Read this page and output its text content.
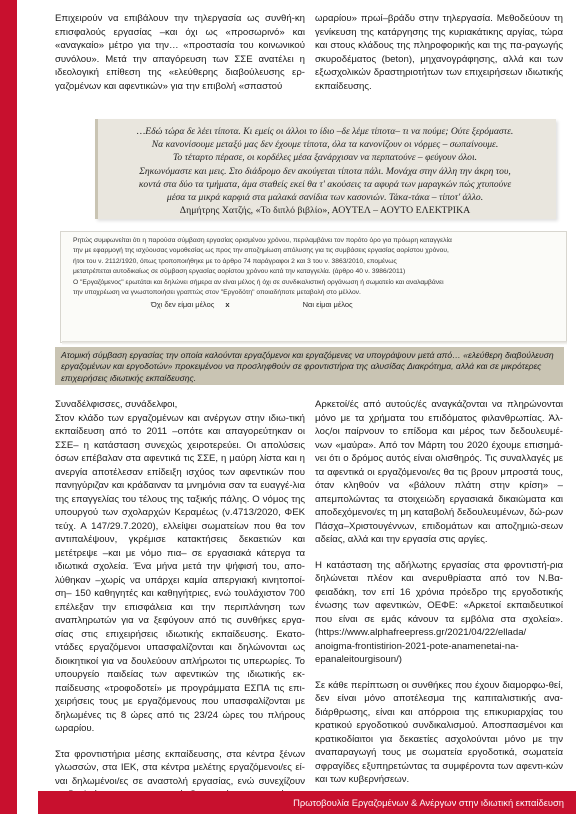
Επιχειρούν να επιβάλουν την τηλεργασία ως συνθή-κη επισφαλούς εργασίας –και όχι ως «προσωρινό» και «αναγκαίο» μέτρο για την… «προστασία του κοινωνικού συνόλου». Μετά την απαγόρευση των ΣΣΕ ανατέλει η ιδεολογική επίθεση της «ελεύθερης διαβούλευσης ερ-γαζομένων και αφεντικών» για την επιβολή «σπαστού

ωραρίου» πρωί–βράδυ στην τηλεργασία. Μεθοδεύουν τη γενίκευση της κατάργησης της κυριακάτικης αργίας, τώρα και στους κλάδους της πληροφορικής και της πα-ραγωγής σκυροδέματος (beton), μηχανογράφησης, αλλά και των εξωσχολικών δραστηριοτήτων των επιχειρήσεων ιδιωτικής εκπαίδευσης.

…Εδώ τώρα δε λέει τίποτα. Κι εμείς οι άλλοι το ίδιο –δε λέμε τίποτα– τι να πούμε; Ούτε ξερόμαστε.
Να κανονίσουμε μεταξύ μας δεν έχουμε τίποτα, όλα τα κανονίζουν οι νόρμες – σωπαίνουμε.
Το τέταρτο πέρασε, οι κορδέλες μέσα ξανάρχισαν να περπατούνε – φεύγουν όλοι.
Σηκωνόμαστε και μεις. Στο διάδρομο δεν ακούγεται τίποτα πάλι. Μονάχα στην άλλη την άκρη του,
κοντά στα δύο τα τμήματα, άμα σταθείς εκεί θα τ' ακούσεις τα αφυρά των μαραγκών πώς χτυπούνε
μέσα τα μικρά καρφιά στα μαλακά σανίδια των κασονιών. Τάκα-τάκα – τίποτ' άλλο.
Δημήτρης Χατζής, «Το διπλό βιβλίο», ΑΟΥΤΕΛ – ΑΟΥΤΟ ΕΛΕΚΤΡΙΚΑ

Ρητώς συμφωνείται ότι η παρούσα σύμβαση εργασίας ορισμένου χρόνου, περιλαμβάνει τον πορότο όρο για πρόωρη καταγγελία

την με εφαρμογή της ισχύουσας νομοθεσίας ως προς την αποζημίωση απόλυσης για τις συμβάσεις εργασίας αορίστου χρόνου,

ήτοι του ν. 2112/1920, όπως τροποποιήθηκε με το άρθρο 74 παράγραφοι 2 και 3 του ν. 3863/2010, επομένως

μετατρέπεται αυτοδικαίως σε σύμβαση εργασίας αορίστου χρόνου κατά την καταγγελία. (άρθρο 40 ν. 3986/2011)

Ο "Εργαζόμενος" ερωτάται και δηλώνει σήμερα αν είναι μέλος ή όχι σε συνδικαλιστική οργάνωση ή σωματείο και αναλαμβάνει

την υποχρέωση να γνωστοποιήσει γραπτώς στον "Εργοδότη" οποιαδήποτε μεταβολή στο μέλλον.

Όχι δεν είμαι μέλος x	Ναι είμαι μέλος
Ατομική σύμβαση εργασίας την οποία καλούνται εργαζόμενοι και εργαζόμενες να υπογράψουν μετά από… «ελεύθερη διαβούλευση εργαζομένων και εργοδοτών» προκειμένου να προσληφθούν σε φροντιστήρια της αλυσίδας Διακρότημα, αλλά και σε μικρότερες επιχειρήσεις ιδιωτικής εκπαίδευσης.

Συναδέλφισσες, συνάδελφοι,

Στον κλάδο των εργαζομένων και ανέργων στην ιδιω-τική εκπαίδευση από το 2011 –οπότε και απαγορεύτηκαν οι ΣΣΕ– η κατάσταση συνεχώς χειροτερεύει. Οι απολύσεις όσων επέβαλαν στα αφεντικά τις ΣΣΕ, η μαύρη λίστα και η ανεργία αποτέλεσαν επίδειξη ισχύος των αφεντικών που πανηγύριζαν και κράδαιναν τα μνημόνια σαν τα ευαγγέ-λια της επαγγελίας του τέλους της ταξικής πάλης. Ο νόμος της υπουργού των σχολαρχών Κεραμέως (ν.4713/2020, ΦΕΚ τεύχ. Α 147/29.7.2020), ελλείψει σωματείων που θα τον αντιπαλέψουν, γκρέμισε κατακτήσεις δεκαετιών και μετέτρεψε –και με νόμο πια– σε εργασιακά κάτεργα τα ιδιωτικά σχολεία. Ένα μήνα μετά την ψήφισή του, απο-λύθηκαν –χωρίς να υπάρχει καμία απεργιακή κινητοποί-ση– 150 καθηγητές και καθηγήτριες, ενώ τουλάχιστον 700 επέλεξαν την επισφάλεια και την περιπλάνηση των αναπληρωτών για να ξεφύγουν από τις συνθήκες εργα-σίας στις επιχειρήσεις ιδιωτικής εκπαίδευσης. Εκατο-ντάδες εργαζόμενοι υπασφαλίζονται και δηλώνονται ως διοικητικοί για να δουλεύουν απλήρωτοι τις υπερωρίες. Το υπουργείο παιδείας των αφεντικών της ιδιωτικής εκ-παίδευσης «τροφοδοτεί» με προγράμματα ΕΣΠΑ τις επι-χειρήσεις τους με εργαζόμενους που υπασφαλίζονται με δηλωμένες τις 8 ώρες από τις 23/24 ώρες του πλήρους ωραρίου.

Στα φροντιστήρια μέσης εκπαίδευσης, στα κέντρα ξένων γλωσσών, στα ΙΕΚ, στα κέντρα μελέτης εργαζόμενοι/ες εί-ναι δηλωμένοι/ες σε αναστολή εργασίας, ενώ συνεχίζουν

Αρκετοί/ές από αυτούς/ές αναγκάζονται να πληρώνονται μόνο με τα χρήματα του επιδόματος φιλανθρωπίας. Άλ-λος/οι παίρνουν το επίδομα και μέρος των δεδουλευμέ-νων «μαύρα». Από τον Μάρτη του 2020 έχουμε επισημά-νει ότι ο δρόμος αυτός είναι ολισθηρός. Τις συναλλαγές με τα αφεντικά οι εργαζόμενοι/ες θα τις βρουν μπροστά τους, όταν κληθούν να «βάλουν πλάτη στην κρίση» – απεμπολώντας τα στοιχειώδη εργασιακά δικαιώματα και αποδεχόμενοι/ες τη μη καταβολή δεδουλευμένων, δώ-ρων Πάσχα–Χριστουγέννων, επιδομάτων και αποζημιώ-σεων αδείας, αλλά και την εργασία στις αργίες.

Η κατάσταση της αδήλωτης εργασίας στα φροντιστή-ρια δηλώνεται πλέον και ανερυθρίαστα από τον Ν.Βα-φειαδάκη, τον επί 16 χρόνια πρόεδρο της εργοδοτικής ένωσης των αφεντικών, ΟΕΦΕ: «Αρκετοί εκπαιδευτικοί που είναι σε εμάς κάνουν τα εμβόλια στα σχολεία». (https://www.alphafreepress.gr/2021/04/22/ellada/ anoigma-frontistirion-2021-pote-anamenetai-na-epanaleitourgisoun/)

Σε κάθε περίπτωση οι συνθήκες που έχουν διαμορφω-θεί, δεν είναι μόνο αποτέλεσμα της καπιταλιστικής ανα-διάρθρωσης, είναι και απόρροια της επικυριαρχίας του κρατικού εργοδοτικού συνδικαλισμού. Αποσπασμένοι και κρατικοδίαιτοι για δεκαετίες ασχολούνται μόνο με την αναπαραγωγή τους με σωματεία εργοδοτικά, σωματεία σφραγίδες εξυπηρετώντας τα συμφέροντα των αφεντι-κών και των κυβερνήσεων.

Πρωτοβουλία Εργαζομένων & Ανέργων στην ιδιωτική εκπαίδευση
